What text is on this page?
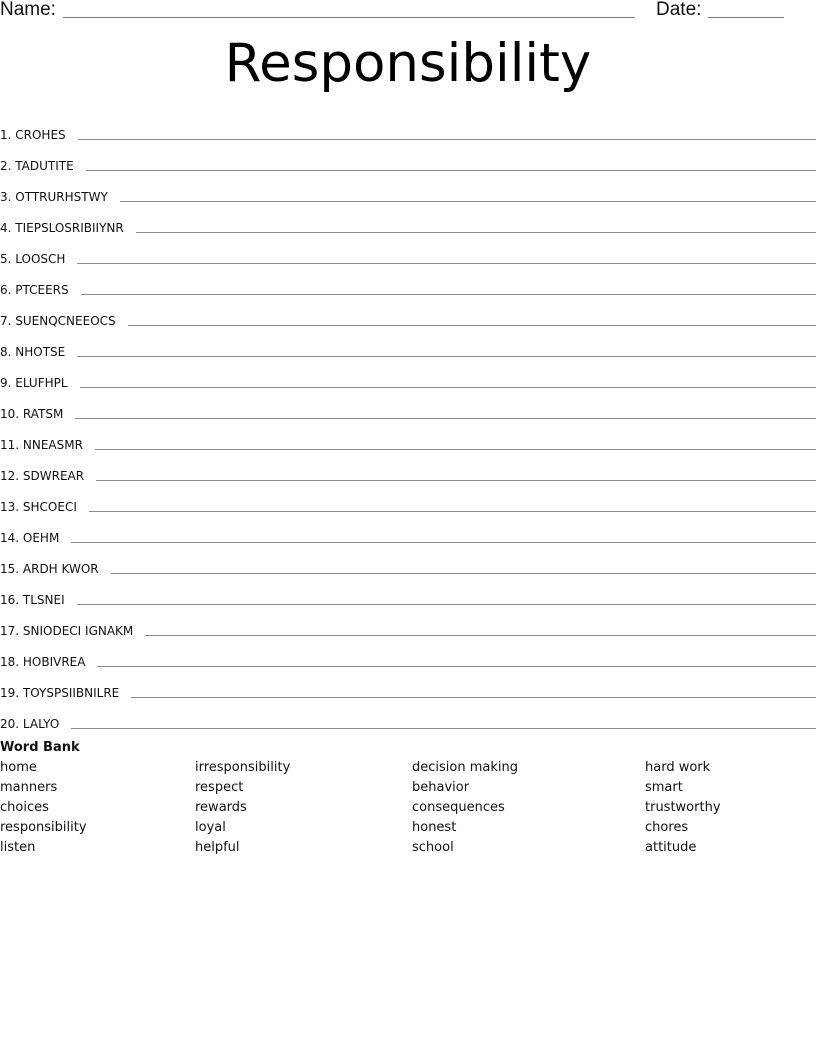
Name:	Date:
Responsibility
1. CROHES
2. TADUTITE
3. OTTRURHSTWY
4. TIEPSLOSRIBIIYNR
5. LOOSCH
6. PTCEERS
7. SUENQCNEEOCS
8. NHOTSE
9. ELUFHPL
10. RATSM
11. NNEASMR
12. SDWREAR
13. SHCOECI
14. OEHM
15. ARDH KWOR
16. TLSNEI
17. SNIODECI IGNAKM
18. HOBIVREA
19. TOYSPSIIBNILRE
20. LALYO
Word Bank
home
manners
choices
responsibility
listen
irresponsibility
respect
rewards
loyal
helpful
decision making
behavior
consequences
honest
school
hard work
smart
trustworthy
chores
attitude
